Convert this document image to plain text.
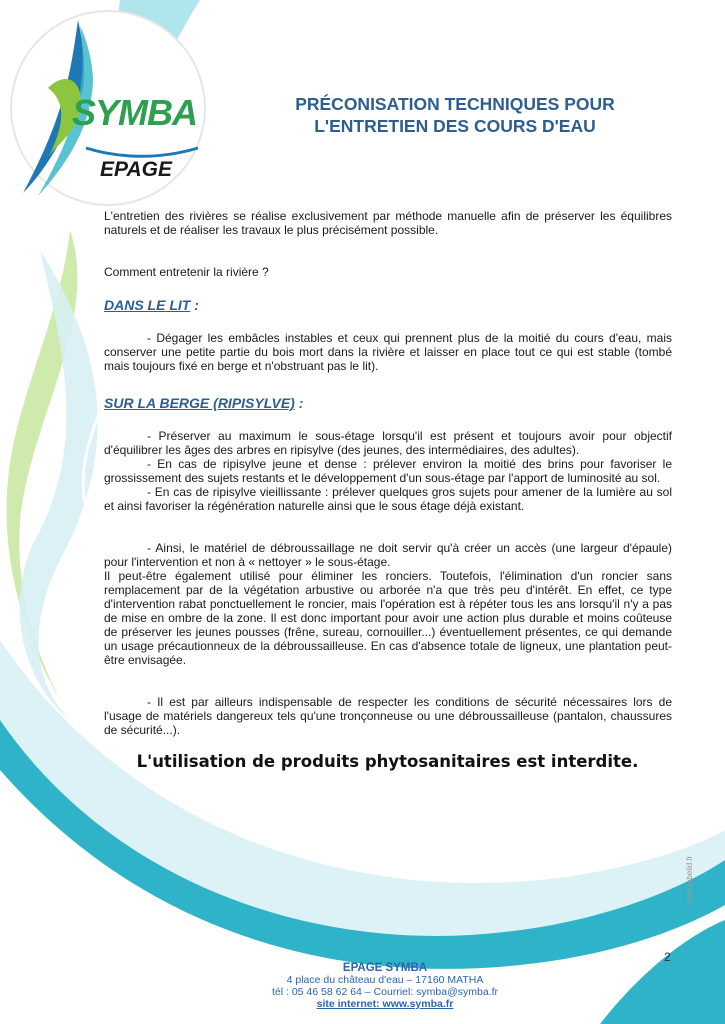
SYMBA
EPAGE
PRÉCONISATION TECHNIQUES POUR
L'ENTRETIEN DES COURS D'EAU

L'entretien des rivières se réalise exclusivement par méthode manuelle afin de préserver les équilibres naturels et de réaliser les travaux le plus précisément possible.

Comment entretenir la rivière ?

DANS LE LIT :

- Dégager les embâcles instables et ceux qui prennent plus de la moitié du cours d'eau, mais conserver une petite partie du bois mort dans la rivière et laisser en place tout ce qui est stable (tombé mais toujours fixé en berge et n'obstruant pas le lit).

SUR LA BERGE (RIPISYLVE) :

- Préserver au maximum le sous-étage lorsqu'il est présent et toujours avoir pour objectif d'équilibrer les âges des arbres en ripisylve (des jeunes, des intermédiaires, des adultes).

- En cas de ripisylve jeune et dense : prélever environ la moitié des brins pour favoriser le grossissement des sujets restants et le développement d'un sous-étage par l'apport de luminosité au sol.

- En cas de ripisylve vieillissante : prélever quelques gros sujets pour amener de la lumière au sol et ainsi favoriser la régénération naturelle ainsi que le sous étage déjà existant.

- Ainsi, le matériel de débroussaillage ne doit servir qu'à créer un accès (une largeur d'épaule) pour l'intervention et non à « nettoyer » le sous-étage.

Il peut-être également utilisé pour éliminer les ronciers. Toutefois, l'élimination d'un roncier sans remplacement par de la végétation arbustive ou arborée n'a que très peu d'intérêt. En effet, ce type d'intervention rabat ponctuellement le roncier, mais l'opération est à répéter tous les ans lorsqu'il n'y a pas de mise en ombre de la zone. Il est donc important pour avoir une action plus durable et moins coûteuse de préserver les jeunes pousses (frêne, sureau, cornouiller...) éventuellement présentes, ce qui demande un usage précautionneux de la débroussailleuse. En cas d'absence totale de ligneux, une plantation peut-être envisagée.

- Il est par ailleurs indispensable de respecter les conditions de sécurité nécessaires lors de l'usage de matériels dangereux tels qu'une tronçonneuse ou une débroussailleuse (pantalon, chaussures de sécurité...).

L'utilisation de produits phytosanitaires est interdite.
www.labelid.fr
2
EPAGE SYMBA
4 place du château d'eau – 17160 MATHA
tél : 05 46 58 62 64 – Courriel: symba@symba.fr
site internet: www.symba.fr
